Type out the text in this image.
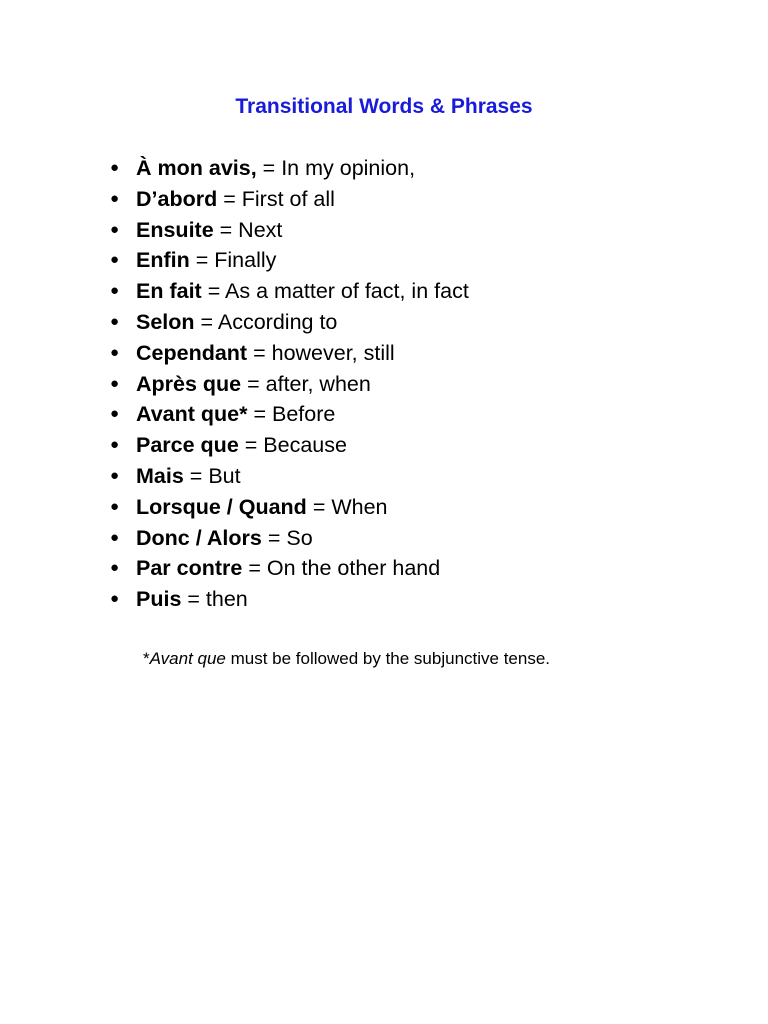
Transitional Words & Phrases
● À mon avis, = In my opinion,
● D’abord = First of all
● Ensuite = Next
● Enfin = Finally
● En fait = As a matter of fact, in fact
● Selon = According to
● Cependant = however, still
● Après que = after, when
● Avant que* = Before
● Parce que = Because
● Mais = But
● Lorsque / Quand = When
● Donc / Alors = So
● Par contre = On the other hand
● Puis = then

*Avant que must be followed by the subjunctive tense.
